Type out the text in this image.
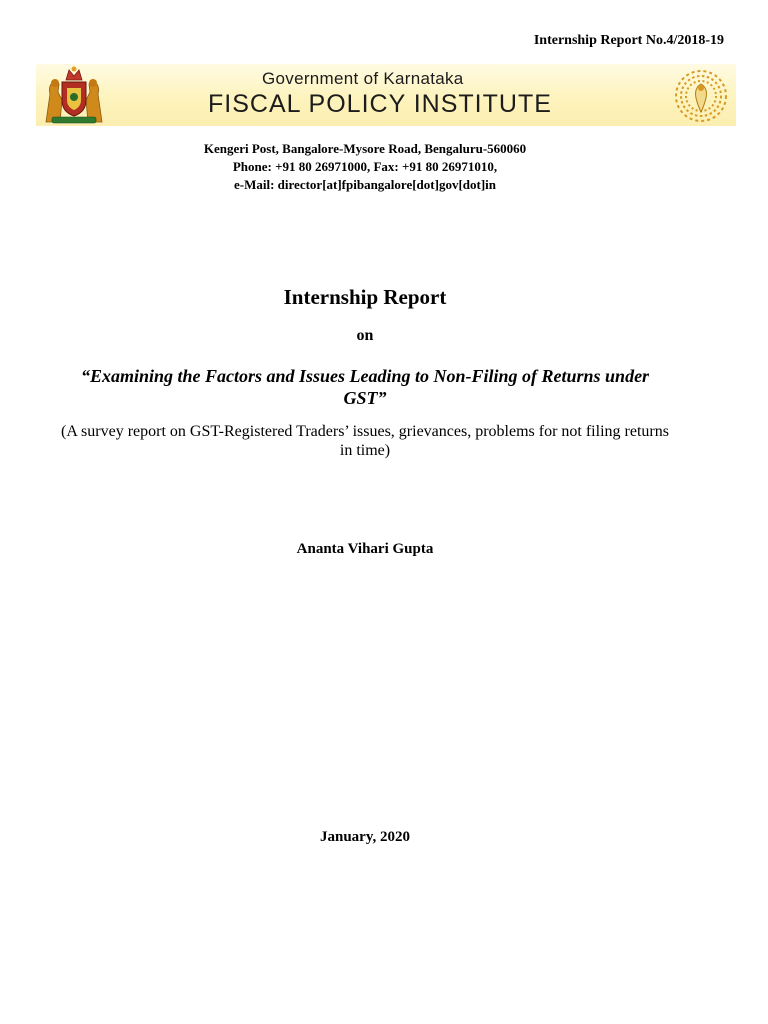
Internship Report No.4/2018-19
Government of Karnataka
FISCAL POLICY INSTITUTE
Kengeri Post, Bangalore-Mysore Road, Bengaluru-560060
Phone: +91 80 26971000, Fax: +91 80 26971010,
e-Mail: director[at]fpibangalore[dot]gov[dot]in
Internship Report
on
“Examining the Factors and Issues Leading to Non-Filing of Returns under GST”
(A survey report on GST-Registered Traders’ issues, grievances, problems for not filing returns in time)
Ananta Vihari Gupta
January, 2020
